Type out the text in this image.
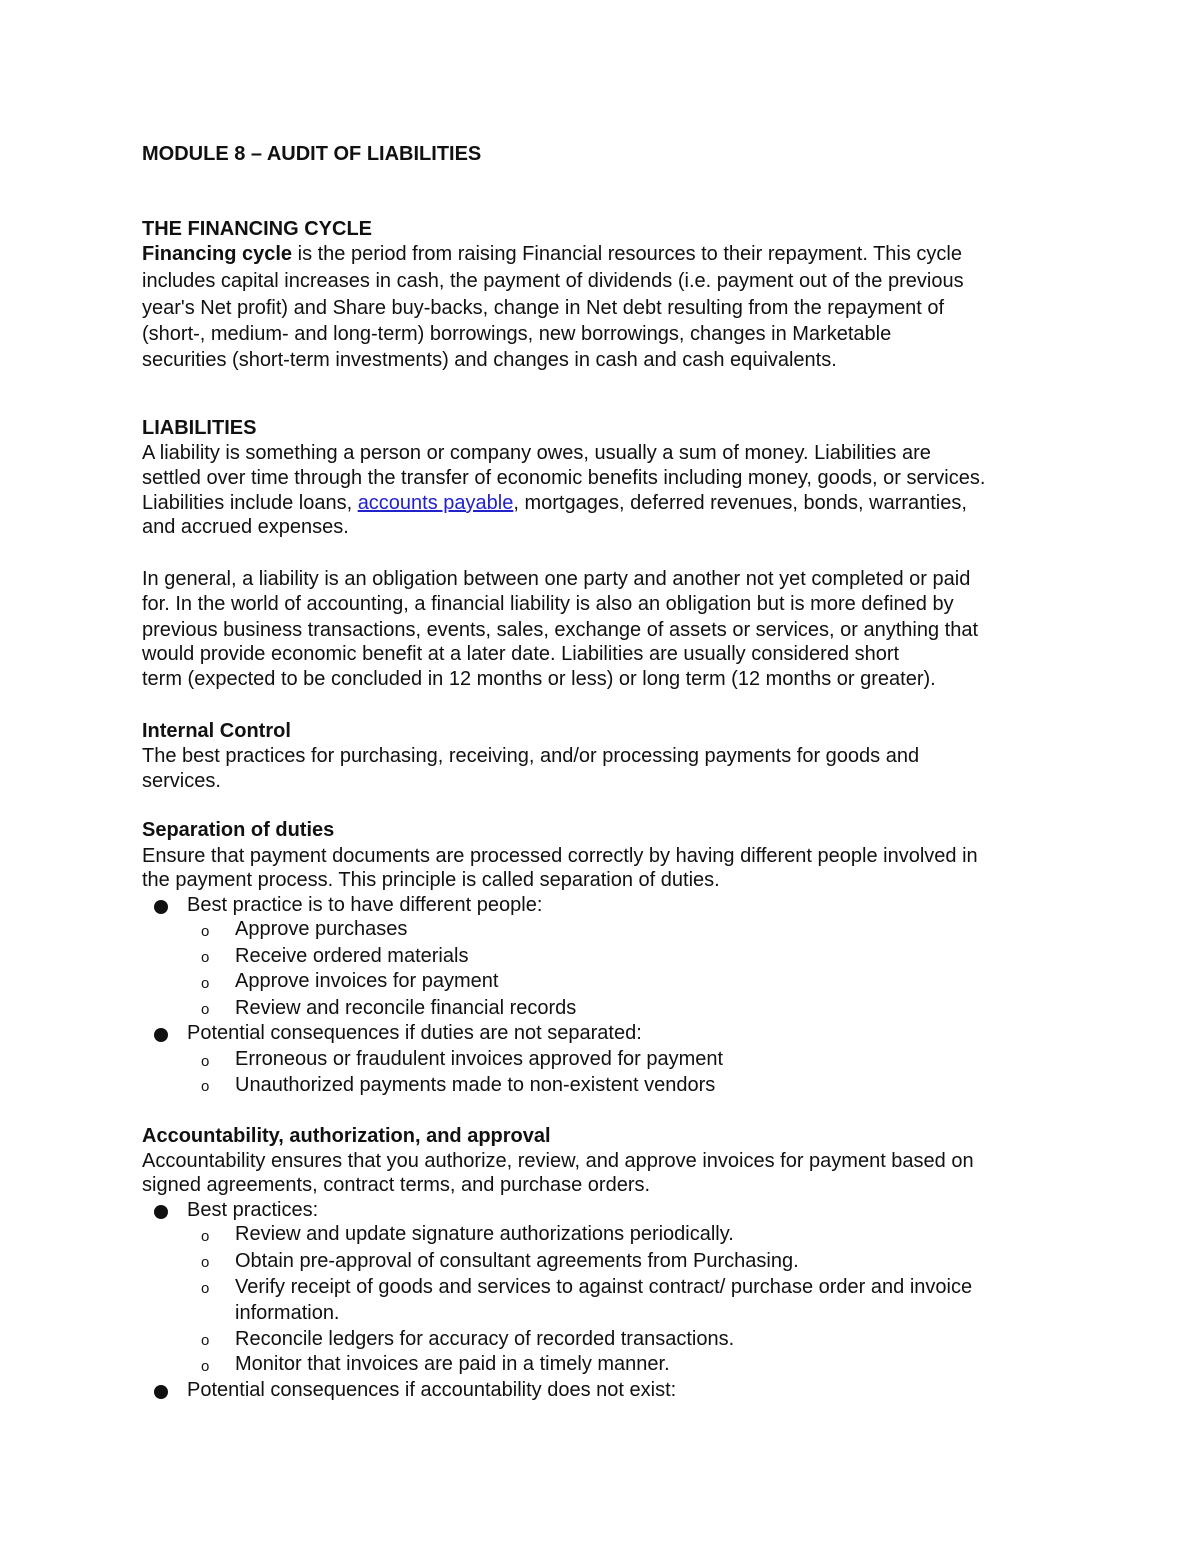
MODULE 8 – AUDIT OF LIABILITIES
THE FINANCING CYCLE
Financing cycle is the period from raising Financial resources to their repayment. This cycle
includes capital increases in cash, the payment of dividends (i.e. payment out of the previous
year's Net profit) and Share buy-backs, change in Net debt resulting from the repayment of
(short-, medium- and long-term) borrowings, new borrowings, changes in Marketable
securities (short-term investments) and changes in cash and cash equivalents.
LIABILITIES
A liability is something a person or company owes, usually a sum of money. Liabilities are
settled over time through the transfer of economic benefits including money, goods, or services.
Liabilities include loans, accounts payable, mortgages, deferred revenues, bonds, warranties,
and accrued expenses.
In general, a liability is an obligation between one party and another not yet completed or paid
for. In the world of accounting, a financial liability is also an obligation but is more defined by
previous business transactions, events, sales, exchange of assets or services, or anything that
would provide economic benefit at a later date. Liabilities are usually considered short
term (expected to be concluded in 12 months or less) or long term (12 months or greater).
Internal Control
The best practices for purchasing, receiving, and/or processing payments for goods and
services.
Separation of duties
Ensure that payment documents are processed correctly by having different people involved in
the payment process. This principle is called separation of duties.
Best practice is to have different people:
o Approve purchases
o Receive ordered materials
o Approve invoices for payment
o Review and reconcile financial records
Potential consequences if duties are not separated:
o Erroneous or fraudulent invoices approved for payment
o Unauthorized payments made to non-existent vendors
Accountability, authorization, and approval
Accountability ensures that you authorize, review, and approve invoices for payment based on
signed agreements, contract terms, and purchase orders.
Best practices:
o Review and update signature authorizations periodically.
o Obtain pre-approval of consultant agreements from Purchasing.
o Verify receipt of goods and services to against contract/ purchase order and invoice
information.
o Reconcile ledgers for accuracy of recorded transactions.
o Monitor that invoices are paid in a timely manner.
Potential consequences if accountability does not exist:
